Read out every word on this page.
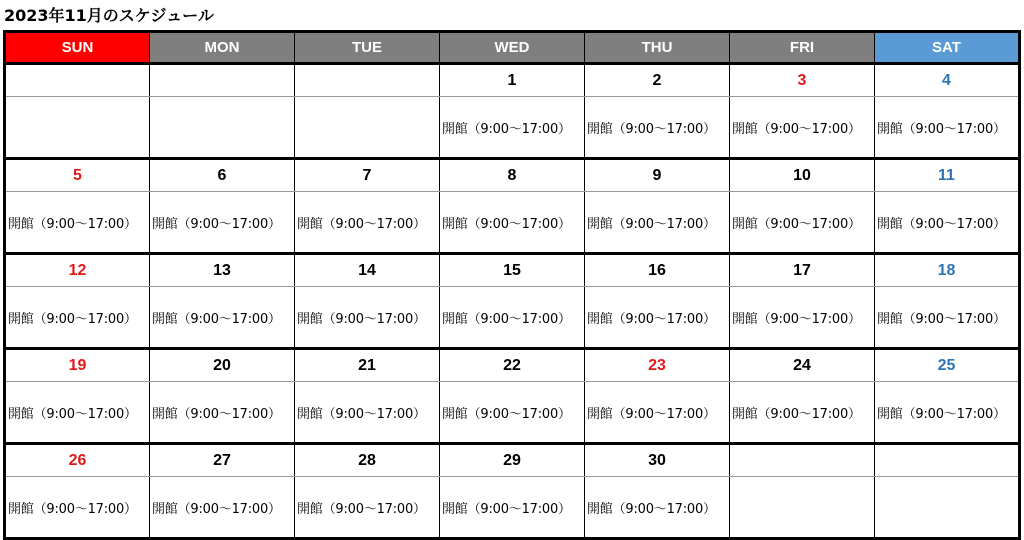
2023年11月のスケジュール
SUN	MON	TUE	WED	THU	FRI	SAT
			1	2	3	4
			開館（9:00～17:00）	開館（9:00～17:00）	開館（9:00～17:00）	開館（9:00～17:00）
5	6	7	8	9	10	11
開館（9:00～17:00）	開館（9:00～17:00）	開館（9:00～17:00）	開館（9:00～17:00）	開館（9:00～17:00）	開館（9:00～17:00）	開館（9:00～17:00）
12	13	14	15	16	17	18
開館（9:00～17:00）	開館（9:00～17:00）	開館（9:00～17:00）	開館（9:00～17:00）	開館（9:00～17:00）	開館（9:00～17:00）	開館（9:00～17:00）
19	20	21	22	23	24	25
開館（9:00～17:00）	開館（9:00～17:00）	開館（9:00～17:00）	開館（9:00～17:00）	開館（9:00～17:00）	開館（9:00～17:00）	開館（9:00～17:00）
26	27	28	29	30		
開館（9:00～17:00）	開館（9:00～17:00）	開館（9:00～17:00）	開館（9:00～17:00）	開館（9:00～17:00）		
